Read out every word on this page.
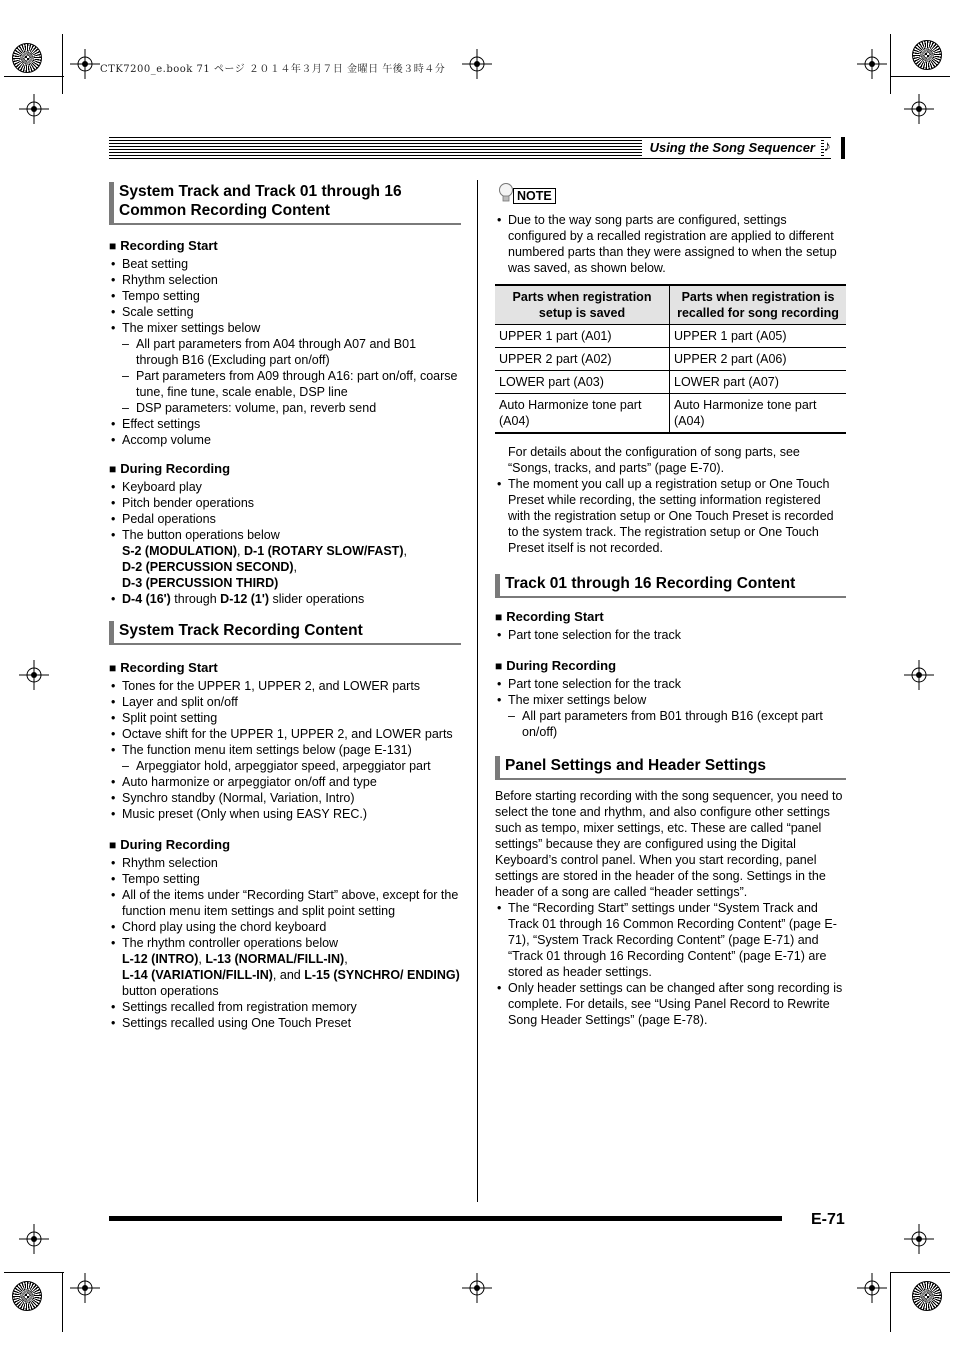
CTK7200_e.book 71 ページ ２０１４年３月７日 金曜日 午後３時４分
Using the Song Sequencer ♪
System Track and Track 01 through 16 Common Recording Content
■ Recording Start
• Beat setting
• Rhythm selection
• Tempo setting
• Scale setting
• The mixer settings below
– All part parameters from A04 through A07 and B01 through B16 (Excluding part on/off)
– Part parameters from A09 through A16: part on/off, coarse tune, fine tune, scale enable, DSP line
– DSP parameters: volume, pan, reverb send
• Effect settings
• Accomp volume
■ During Recording
• Keyboard play
• Pitch bender operations
• Pedal operations
• The button operations below
S-2 (MODULATION), D-1 (ROTARY SLOW/FAST),
D-2 (PERCUSSION SECOND),
D-3 (PERCUSSION THIRD)
• D-4 (16') through D-12 (1') slider operations
System Track Recording Content
■ Recording Start
• Tones for the UPPER 1, UPPER 2, and LOWER parts
• Layer and split on/off
• Split point setting
• Octave shift for the UPPER 1, UPPER 2, and LOWER parts
• The function menu item settings below (page E-131)
– Arpeggiator hold, arpeggiator speed, arpeggiator part
• Auto harmonize or arpeggiator on/off and type
• Synchro standby (Normal, Variation, Intro)
• Music preset (Only when using EASY REC.)
■ During Recording
• Rhythm selection
• Tempo setting
• All of the items under “Recording Start” above, except for the function menu item settings and split point setting
• Chord play using the chord keyboard
• The rhythm controller operations below
L-12 (INTRO), L-13 (NORMAL/FILL-IN),
L-14 (VARIATION/FILL-IN), and L-15 (SYNCHRO/ ENDING) button operations
• Settings recalled from registration memory
• Settings recalled using One Touch Preset
NOTE
• Due to the way song parts are configured, settings configured by a recalled registration are applied to different numbered parts than they were assigned to when the setup was saved, as shown below.
Parts when registration setup is saved	Parts when registration is recalled for song recording
UPPER 1 part (A01)	UPPER 1 part (A05)
UPPER 2 part (A02)	UPPER 2 part (A06)
LOWER part (A03)	LOWER part (A07)
Auto Harmonize tone part (A04)	Auto Harmonize tone part (A04)

For details about the configuration of song parts, see “Songs, tracks, and parts” (page E-70).

• The moment you call up a registration setup or One Touch Preset while recording, the setting information registered with the registration setup or One Touch Preset is recorded to the system track. The registration setup or One Touch Preset itself is not recorded.
Track 01 through 16 Recording Content
■ Recording Start
• Part tone selection for the track
■ During Recording
• Part tone selection for the track
• The mixer settings below
– All part parameters from B01 through B16 (except part on/off)
Panel Settings and Header Settings

Before starting recording with the song sequencer, you need to select the tone and rhythm, and also configure other settings such as tempo, mixer settings, etc. These are called “panel settings” because they are configured using the Digital Keyboard’s control panel. When you start recording, panel settings are stored in the header of the song. Settings in the header of a song are called “header settings”.

• The “Recording Start” settings under “System Track and Track 01 through 16 Common Recording Content” (page E-71), “System Track Recording Content” (page E-71) and “Track 01 through 16 Recording Content” (page E-71) are stored as header settings.
• Only header settings can be changed after song recording is complete. For details, see “Using Panel Record to Rewrite Song Header Settings” (page E-78).
E-71
